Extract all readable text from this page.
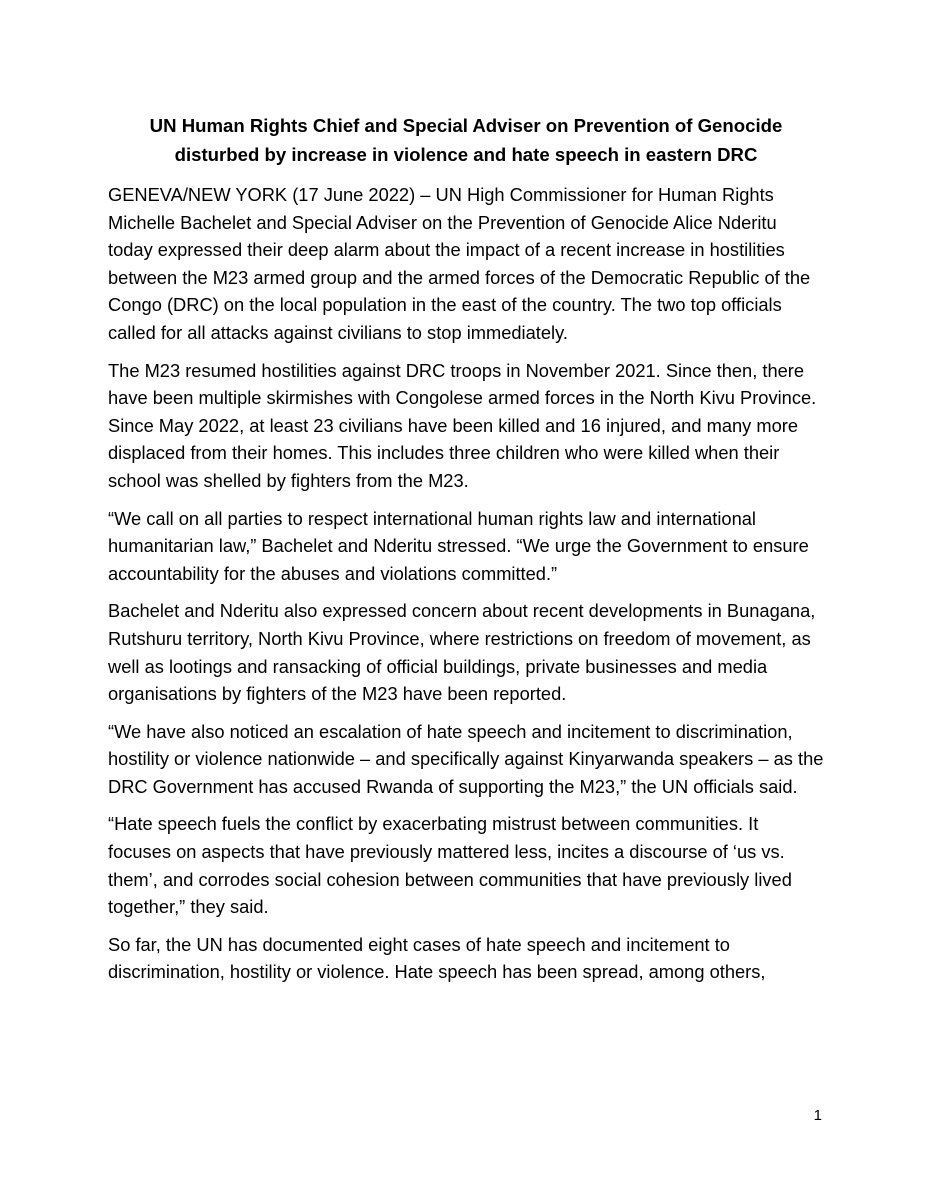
UN Human Rights Chief and Special Adviser on Prevention of Genocide disturbed by increase in violence and hate speech in eastern DRC

GENEVA/NEW YORK (17 June 2022) – UN High Commissioner for Human Rights Michelle Bachelet and Special Adviser on the Prevention of Genocide Alice Nderitu today expressed their deep alarm about the impact of a recent increase in hostilities between the M23 armed group and the armed forces of the Democratic Republic of the Congo (DRC) on the local population in the east of the country. The two top officials called for all attacks against civilians to stop immediately.

The M23 resumed hostilities against DRC troops in November 2021. Since then, there have been multiple skirmishes with Congolese armed forces in the North Kivu Province. Since May 2022, at least 23 civilians have been killed and 16 injured, and many more displaced from their homes. This includes three children who were killed when their school was shelled by fighters from the M23.

“We call on all parties to respect international human rights law and international humanitarian law,” Bachelet and Nderitu stressed. “We urge the Government to ensure accountability for the abuses and violations committed.”

Bachelet and Nderitu also expressed concern about recent developments in Bunagana, Rutshuru territory, North Kivu Province, where restrictions on freedom of movement, as well as lootings and ransacking of official buildings, private businesses and media organisations by fighters of the M23 have been reported.

“We have also noticed an escalation of hate speech and incitement to discrimination, hostility or violence nationwide – and specifically against Kinyarwanda speakers – as the DRC Government has accused Rwanda of supporting the M23,” the UN officials said.

“Hate speech fuels the conflict by exacerbating mistrust between communities. It focuses on aspects that have previously mattered less, incites a discourse of ‘us vs. them’, and corrodes social cohesion between communities that have previously lived together,” they said.

So far, the UN has documented eight cases of hate speech and incitement to discrimination, hostility or violence. Hate speech has been spread, among others,

1
